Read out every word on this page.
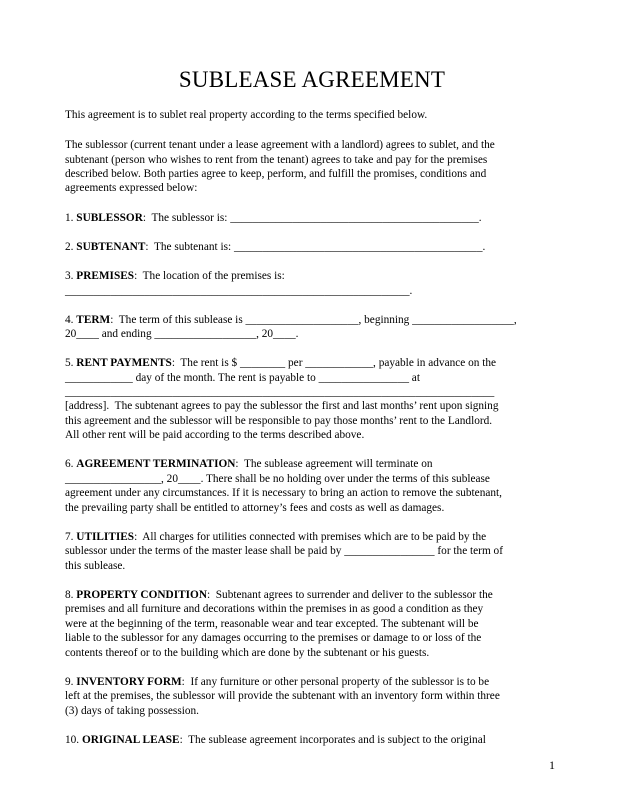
SUBLEASE AGREEMENT
This agreement is to sublet real property according to the terms specified below.
The sublessor (current tenant under a lease agreement with a landlord) agrees to sublet, and the
subtenant (person who wishes to rent from the tenant) agrees to take and pay for the premises
described below. Both parties agree to keep, perform, and fulfill the promises, conditions and
agreements expressed below:
1. SUBLESSOR:  The sublessor is: ____________________________________________.
2. SUBTENANT:  The subtenant is: ____________________________________________.
3. PREMISES:  The location of the premises is:
_____________________________________________________________.
4. TERM:  The term of this sublease is ____________________, beginning __________________,
20____ and ending __________________, 20____.
5. RENT PAYMENTS:  The rent is $ ________ per ____________, payable in advance on the
____________ day of the month. The rent is payable to ________________ at
____________________________________________________________________________
[address].  The subtenant agrees to pay the sublessor the first and last months’ rent upon signing
this agreement and the sublessor will be responsible to pay those months’ rent to the Landlord.
All other rent will be paid according to the terms described above.
6. AGREEMENT TERMINATION:  The sublease agreement will terminate on
_________________, 20____. There shall be no holding over under the terms of this sublease
agreement under any circumstances. If it is necessary to bring an action to remove the subtenant,
the prevailing party shall be entitled to attorney’s fees and costs as well as damages.
7. UTILITIES:  All charges for utilities connected with premises which are to be paid by the
sublessor under the terms of the master lease shall be paid by ________________ for the term of
this sublease.
8. PROPERTY CONDITION:  Subtenant agrees to surrender and deliver to the sublessor the
premises and all furniture and decorations within the premises in as good a condition as they
were at the beginning of the term, reasonable wear and tear excepted. The subtenant will be
liable to the sublessor for any damages occurring to the premises or damage to or loss of the
contents thereof or to the building which are done by the subtenant or his guests.
9. INVENTORY FORM:  If any furniture or other personal property of the sublessor is to be
left at the premises, the sublessor will provide the subtenant with an inventory form within three
(3) days of taking possession.
10. ORIGINAL LEASE:  The sublease agreement incorporates and is subject to the original
1
